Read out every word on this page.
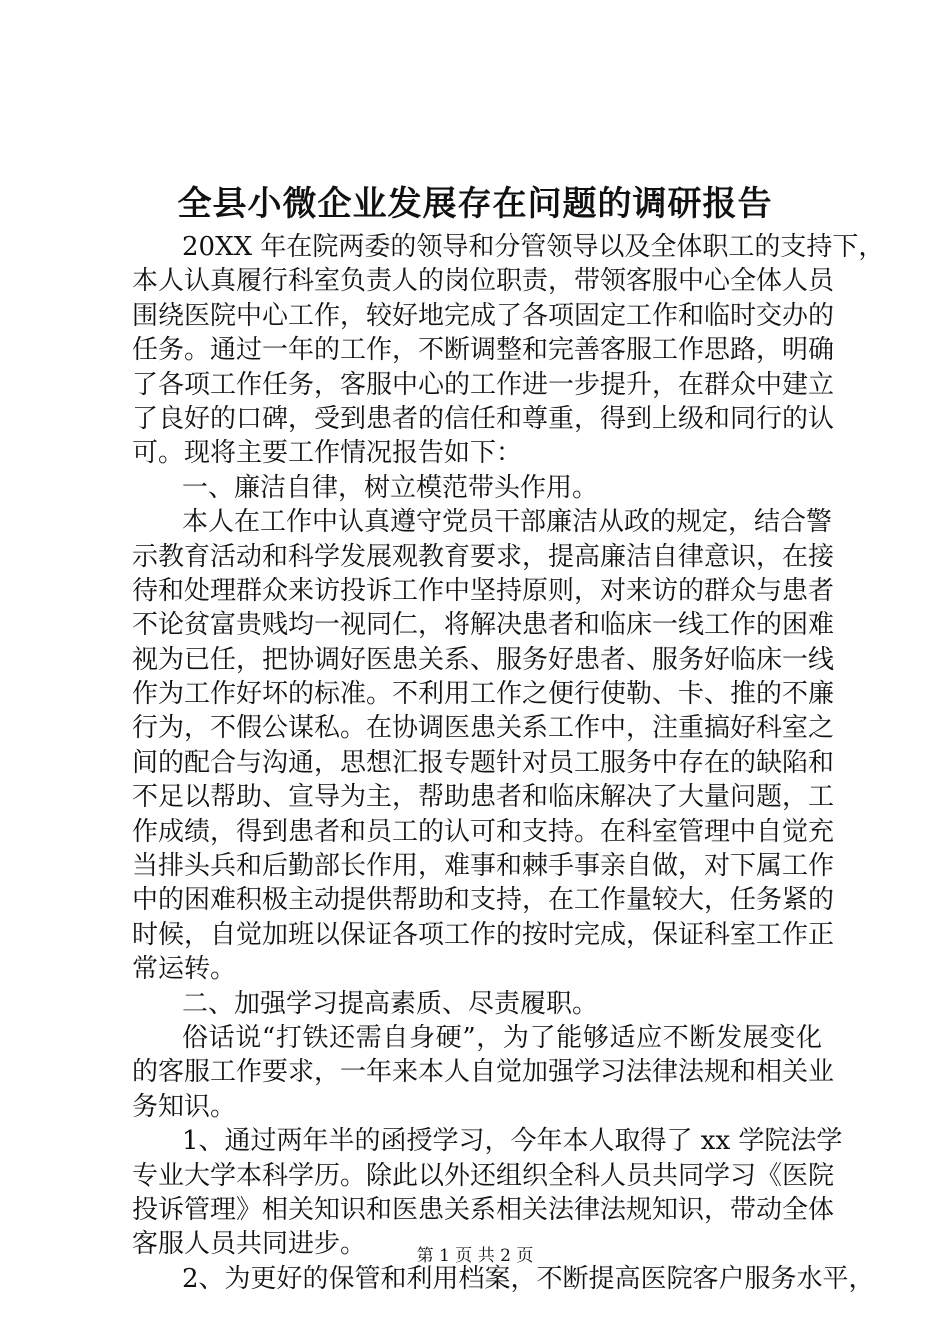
全县小微企业发展存在问题的调研报告
20XX 年在院两委的领导和分管领导以及全体职工的支持下，
本人认真履行科室负责人的岗位职责，带领客服中心全体人员
围绕医院中心工作，较好地完成了各项固定工作和临时交办的
任务。通过一年的工作，不断调整和完善客服工作思路，明确
了各项工作任务，客服中心的工作进一步提升，在群众中建立
了良好的口碑，受到患者的信任和尊重，得到上级和同行的认
可。现将主要工作情况报告如下：
一、廉洁自律，树立模范带头作用。
本人在工作中认真遵守党员干部廉洁从政的规定，结合警
示教育活动和科学发展观教育要求，提高廉洁自律意识，在接
待和处理群众来访投诉工作中坚持原则，对来访的群众与患者
不论贫富贵贱均一视同仁，将解决患者和临床一线工作的困难
视为已任，把协调好医患关系、服务好患者、服务好临床一线
作为工作好坏的标准。不利用工作之便行使勒、卡、推的不廉
行为，不假公谋私。在协调医患关系工作中，注重搞好科室之
间的配合与沟通，思想汇报专题针对员工服务中存在的缺陷和
不足以帮助、宣导为主，帮助患者和临床解决了大量问题，工
作成绩，得到患者和员工的认可和支持。在科室管理中自觉充
当排头兵和后勤部长作用，难事和棘手事亲自做，对下属工作
中的困难积极主动提供帮助和支持，在工作量较大，任务紧的
时候，自觉加班以保证各项工作的按时完成，保证科室工作正
常运转。
二、加强学习提高素质、尽责履职。
俗话说“打铁还需自身硬”，为了能够适应不断发展变化
的客服工作要求，一年来本人自觉加强学习法律法规和相关业
务知识。
1、通过两年半的函授学习，今年本人取得了 xx 学院法学
专业大学本科学历。除此以外还组织全科人员共同学习《医院
投诉管理》相关知识和医患关系相关法律法规知识，带动全体
客服人员共同进步。
2、为更好的保管和利用档案，不断提高医院客户服务水平，
第 1 页 共 2 页
